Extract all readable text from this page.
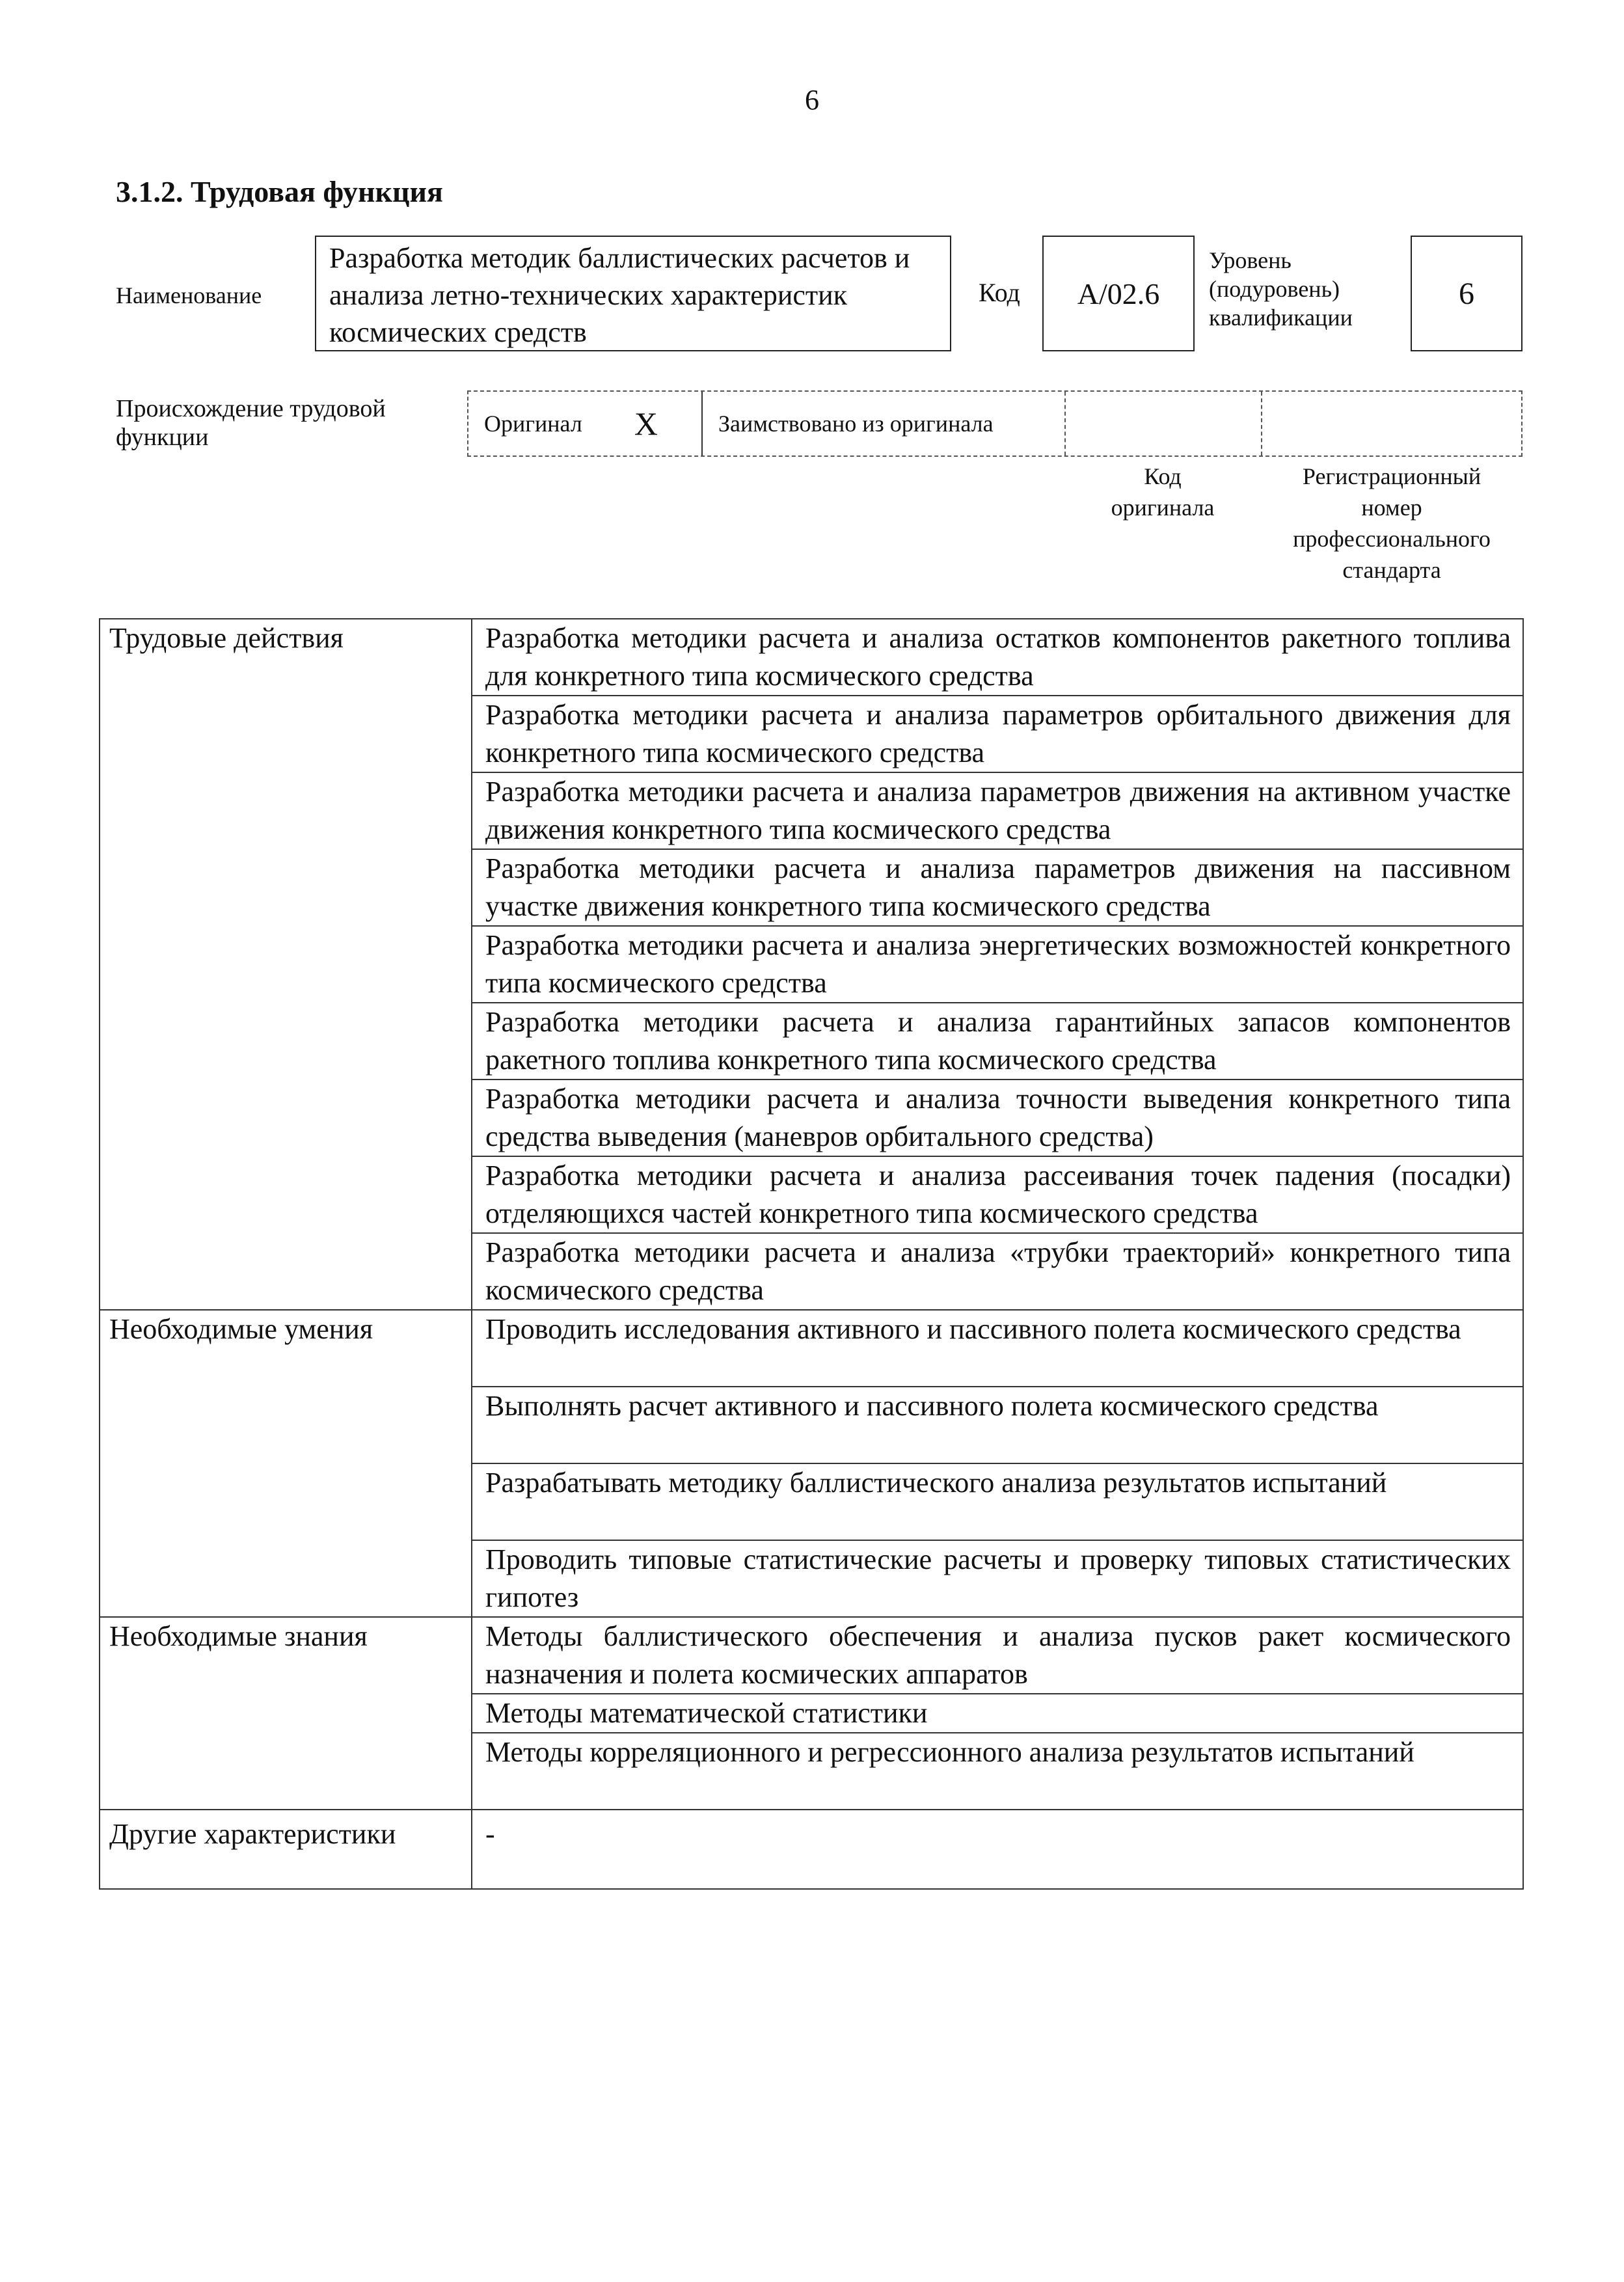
6
3.1.2. Трудовая функция
Наименование
Разработка методик баллистических расчетов и анализа летно-технических характеристик космических средств
Код A/02.6
Уровень
(подуровень)
квалификации
6
Происхождение трудовой
функции	Оригинал X	Заимствовано из оригинала
Код
оригинала
Регистрационный
номер
профессионального
стандарта
Трудовые действия	Разработка методики расчета и анализа остатков компонентов ракетного топлива для конкретного типа космического средства
	Разработка методики расчета и анализа параметров орбитального движения для конкретного типа космического средства
	Разработка методики расчета и анализа параметров движения на активном участке движения конкретного типа космического средства
	Разработка методики расчета и анализа параметров движения на пассивном участке движения конкретного типа космического средства
	Разработка методики расчета и анализа энергетических возможностей конкретного типа космического средства
	Разработка методики расчета и анализа гарантийных запасов компонентов ракетного топлива конкретного типа космического средства
	Разработка методики расчета и анализа точности выведения конкретного типа средства выведения (маневров орбитального средства)
	Разработка методики расчета и анализа рассеивания точек падения (посадки) отделяющихся частей конкретного типа космического средства
	Разработка методики расчета и анализа «трубки траекторий» конкретного типа космического средства
Необходимые умения	Проводить исследования активного и пассивного полета космического средства
	Выполнять расчет активного и пассивного полета космического средства
	Разрабатывать методику баллистического анализа результатов испытаний
	Проводить типовые статистические расчеты и проверку типовых статистических гипотез
Необходимые знания	Методы баллистического обеспечения и анализа пусков ракет космического назначения и полета космических аппаратов
	Методы математической статистики
	Методы корреляционного и регрессионного анализа результатов испытаний
Другие характеристики	-
